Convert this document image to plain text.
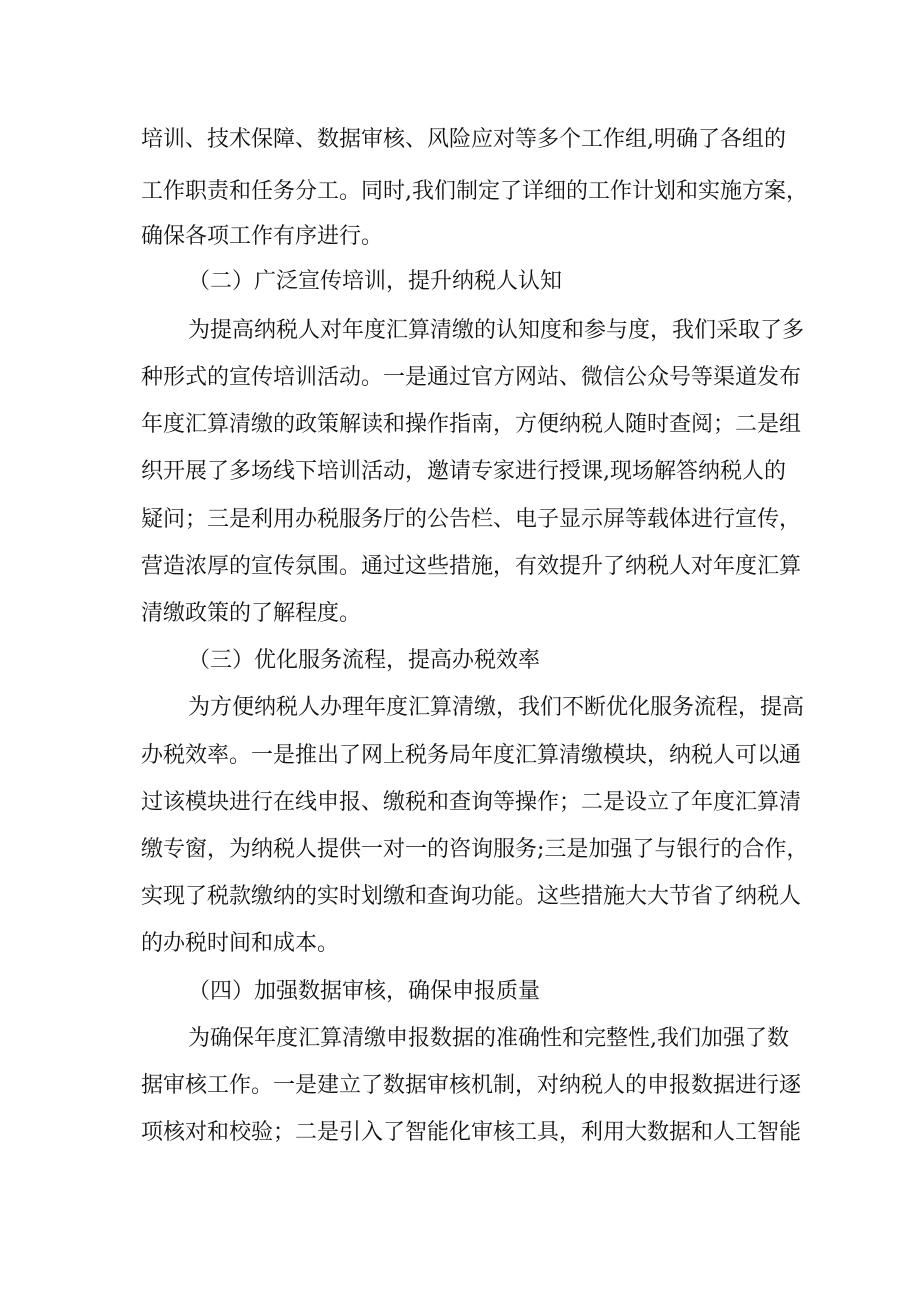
培训、技术保障、数据审核、风险应对等多个工作组,明确了各组的
工作职责和任务分工。同时,我们制定了详细的工作计划和实施方案，
确保各项工作有序进行。
（二）广泛宣传培训，提升纳税人认知
为提高纳税人对年度汇算清缴的认知度和参与度，我们采取了多
种形式的宣传培训活动。一是通过官方网站、微信公众号等渠道发布
年度汇算清缴的政策解读和操作指南，方便纳税人随时查阅；二是组
织开展了多场线下培训活动，邀请专家进行授课,现场解答纳税人的
疑问；三是利用办税服务厅的公告栏、电子显示屏等载体进行宣传，
营造浓厚的宣传氛围。通过这些措施，有效提升了纳税人对年度汇算
清缴政策的了解程度。
（三）优化服务流程，提高办税效率
为方便纳税人办理年度汇算清缴，我们不断优化服务流程，提高
办税效率。一是推出了网上税务局年度汇算清缴模块，纳税人可以通
过该模块进行在线申报、缴税和查询等操作；二是设立了年度汇算清
缴专窗，为纳税人提供一对一的咨询服务;三是加强了与银行的合作，
实现了税款缴纳的实时划缴和查询功能。这些措施大大节省了纳税人
的办税时间和成本。
（四）加强数据审核，确保申报质量
为确保年度汇算清缴申报数据的准确性和完整性,我们加强了数
据审核工作。一是建立了数据审核机制，对纳税人的申报数据进行逐
项核对和校验；二是引入了智能化审核工具，利用大数据和人工智能
